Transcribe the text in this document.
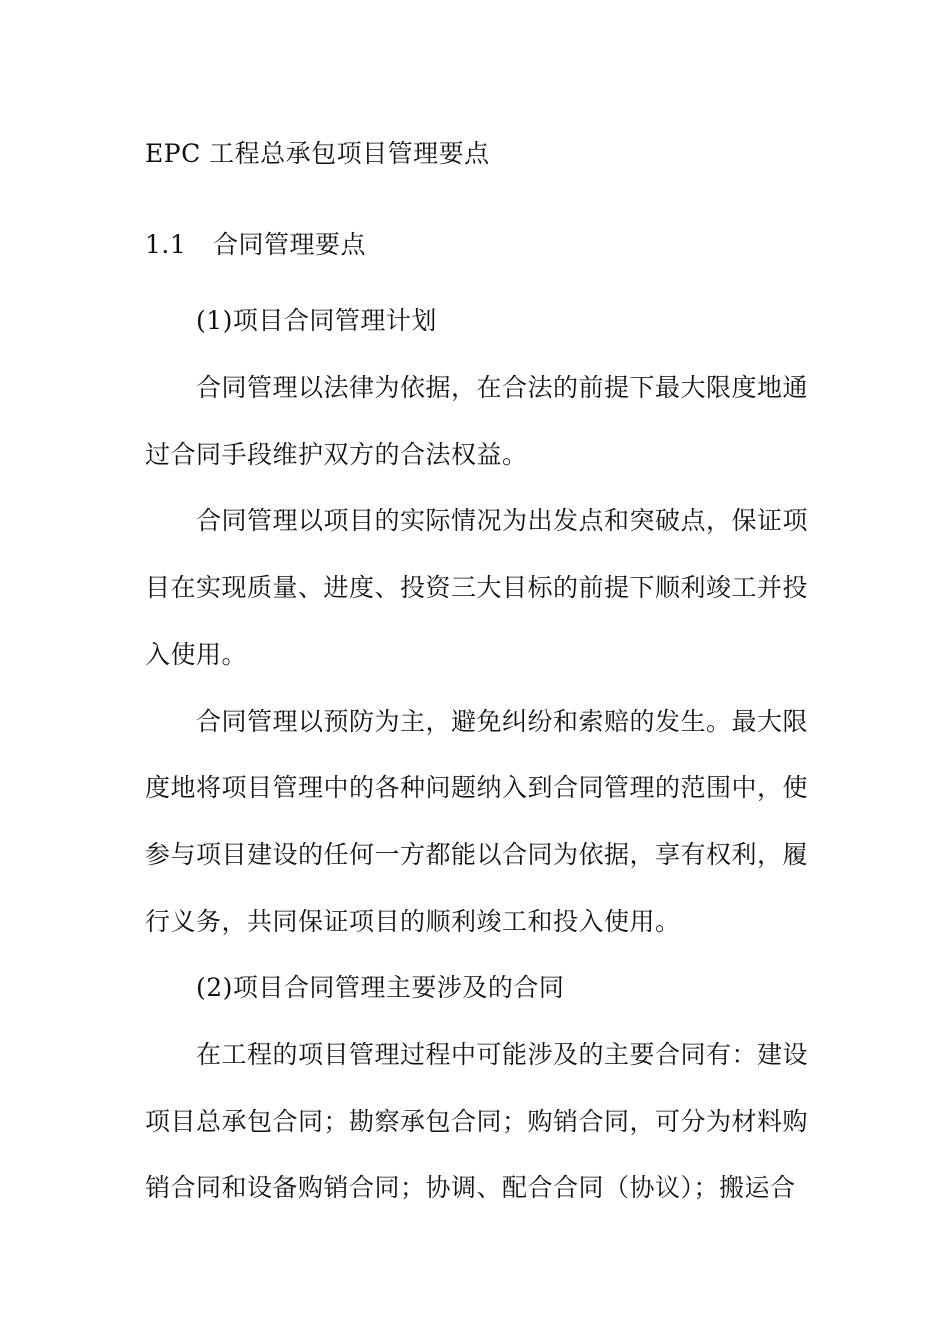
EPC 工程总承包项目管理要点
1.1 合同管理要点
(1)项目合同管理计划
合同管理以法律为依据，在合法的前提下最大限度地通
过合同手段维护双方的合法权益。
合同管理以项目的实际情况为出发点和突破点，保证项
目在实现质量、进度、投资三大目标的前提下顺利竣工并投
入使用。
合同管理以预防为主，避免纠纷和索赔的发生。最大限
度地将项目管理中的各种问题纳入到合同管理的范围中，使
参与项目建设的任何一方都能以合同为依据，享有权利，履
行义务，共同保证项目的顺利竣工和投入使用。
(2)项目合同管理主要涉及的合同
在工程的项目管理过程中可能涉及的主要合同有：建设
项目总承包合同；勘察承包合同；购销合同，可分为材料购
销合同和设备购销合同；协调、配合合同（协议）；搬运合
